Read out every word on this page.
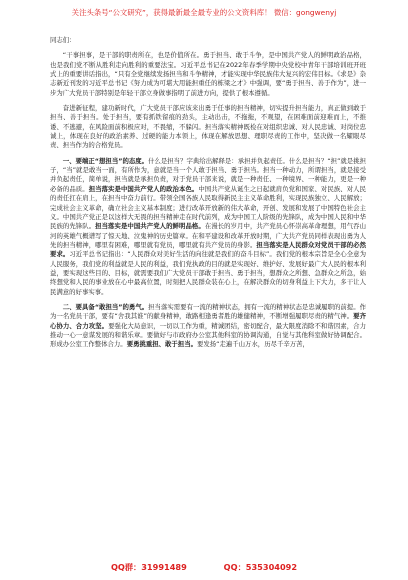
关注头条号“公文研究”，获得最新最全最专业的公文资料库！ 微信：gongwenyj

同志们：

“干事担事，是干部的职责所在，也是价值所在。勇于担当、敢于斗争，是中国共产党人的鲜明政治品格，也是我们党不断从胜利走向胜利的重要法宝。习近平总书记在2022年春季学期中央党校中青年干部培训班开班式上的重要讲话指出，“只有全党继续发扬担当和斗争精神，才能实现中华民族伟大复兴的宏伟目标。《求是》杂志新近刊发的习近平总书记《努力成为可堪大用能担重任的栋梁之才》中强调，要“勇于担当、善于作为”，进一步为广大党员干部特别是年轻干部立身做事指明了前进方向，提供了根本遵循。

奋进新征程，建功新时代，广大党员干部应该来出勇于任事的担当精神，切实提升担当能力，真正做到敢于担当、善于担当。处于担当，要有抓铁留痕的劲头，主动出击，不拖拖，不观望，在困难面前迎难而上，不推诿、不逃避，在风险面前积极应对，不畏缩，不躲闪。担当落实精神既检在对组织忠诚、对人民忠诚、对岗位忠诚上，体现在良好的政治素养、过硬的能力本领上，体现在解放思想、理职尽责的工作中，坚决做一名耀眼尽责、担当作为的合格党员。

一、要端正“想担当”的态度。什么是担当？字典给出解释是：承担并负起责任。什么是担当？“担”就是挑担子，“当”就是敢当一面，有所作为，意就是当一个人敢于担当、勇于担当。担当一种动力，所谓担当，就是接受并负起责任，简单说，担当就是承担负责，对于党员干部来说，就是一种责任、一种境界、一种能力，更是一种必备的品质。担当落实是中国共产党人的政治本色。中国共产党从诞生之日起就肩负党和国家、对民族、对人民的责任扛在肩上，在担当中奋力前行。带领全国各族人民取得新民主主义革命胜利，实现民族独立、人民解放；完成社会主义革命，确立社会主义基本制度；进行改革开放新的伟大革命，开创、发展和发展了中国特色社会主义。中国共产党正是以这样大无畏的担当精神走在时代前列，成为中国工人阶级的先锋队，成为中国人民和中华民族的先锋队。担当落实是中国共产党人的鲜明品格。在漫长的岁月中，共产党员心怀崇高革命理想，用气吞山河的英雄气概谱写了惊天地、泣鬼神的历史篇章。在和平建设和改革开放时期，广大共产党员同样表现出勇为人先的担当精神，哪里有困难，哪里就有党员，哪里就有共产党员的身影。担当落实是人民群众对党员干部的必然要求。习近平总书记指出：“人民群众对美好生活的向往就是我们的奋斗目标”。我们党的根本宗旨是全心全意为人民服务，我们党的利益就是人民的利益，我们党执政的目的就是实现好、维护好、发展好最广大人民的根本利益，要实现这些目的、目标，就需要我们广大党员干部敢于担当、勇于担当，想群众之所想、急群众之所急，始终想党和人民的事业放在心中最高位置，时刻把人民群众装在心上，在解决群众的切身利益上下大力，多干让人民满意的好事实事。

二、要具备“敢担当”的勇气。担当落实需要有一流的精神状态，拥有一流的精神状态是忠诚履职的前提。作为一名党员干部，要有“舍我其谁”的献身精神，敢路相逢勇者胜的雄健精神，不断增强履职尽责的精气神。要齐心协力、合力攻坚。要强化大局意识，一切以工作为重，精诚团结，密切配合，最大限度消除不和谐因素，合力推动一心一意谋发展的和谐乐章。要做好与市政府办公室其他科室的协调沟通，自觉与其他科室做好协调配合。形成办公室工作整体合力。要勇挑重担、敢于担当。要发扬“走遍千山万水，历尽千辛万苦，

QQ群：31991489	QQ：535304092
